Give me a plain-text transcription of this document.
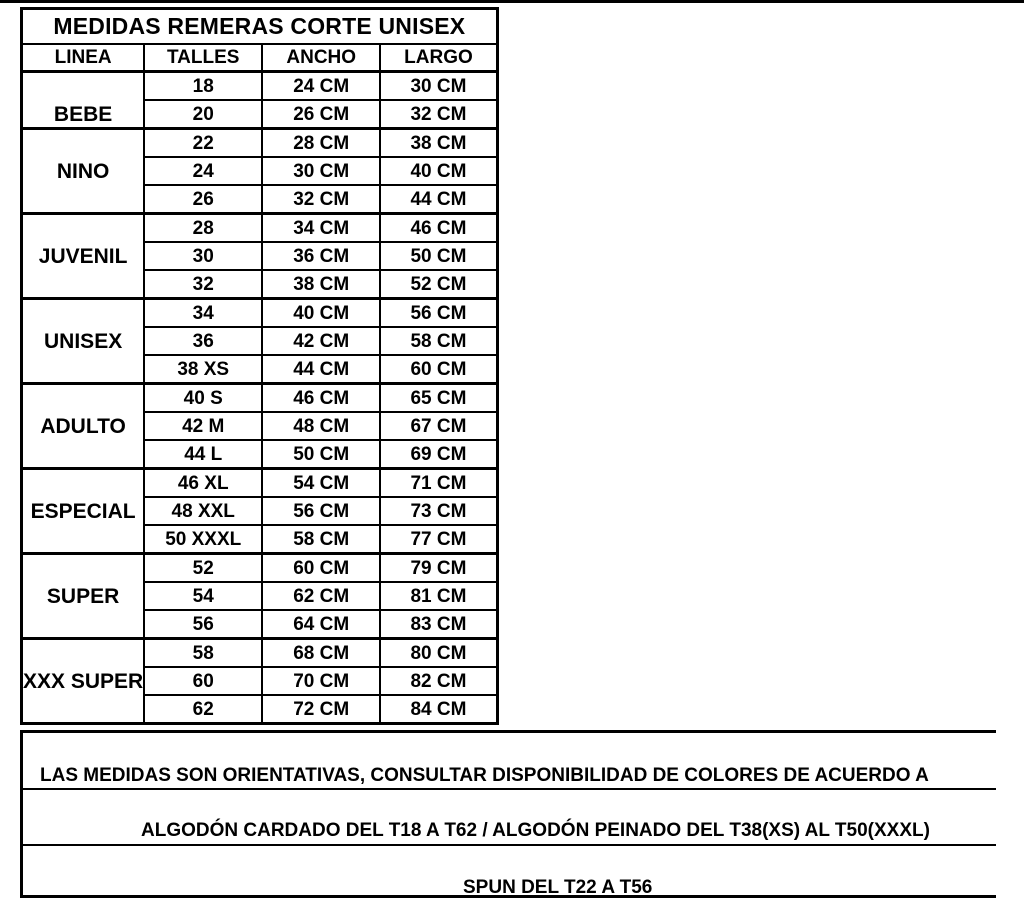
MEDIDAS REMERAS CORTE UNISEX			
LINEA	TALLES	ANCHO	LARGO
BEBE	18	24 CM	30 CM
	20	26 CM	32 CM
NINO	22	28 CM	38 CM
	24	30 CM	40 CM
	26	32 CM	44 CM
JUVENIL	28	34 CM	46 CM
	30	36 CM	50 CM
	32	38 CM	52 CM
UNISEX	34	40 CM	56 CM
	36	42 CM	58 CM
	38 XS	44 CM	60 CM
ADULTO	40 S	46 CM	65 CM
	42 M	48 CM	67 CM
	44 L	50 CM	69 CM
ESPECIAL	46 XL	54 CM	71 CM
	48 XXL	56 CM	73 CM
	50 XXXL	58 CM	77 CM
SUPER	52	60 CM	79 CM
	54	62 CM	81 CM
	56	64 CM	83 CM
XXX SUPER	58	68 CM	80 CM
	60	70 CM	82 CM
	62	72 CM	84 CM
LAS MEDIDAS SON ORIENTATIVAS, CONSULTAR DISPONIBILIDAD DE COLORES DE ACUERDO A
ALGODÓN CARDADO DEL T18 A T62 / ALGODÓN PEINADO DEL T38(XS) AL T50(XXXL)
SPUN DEL T22 A T56
